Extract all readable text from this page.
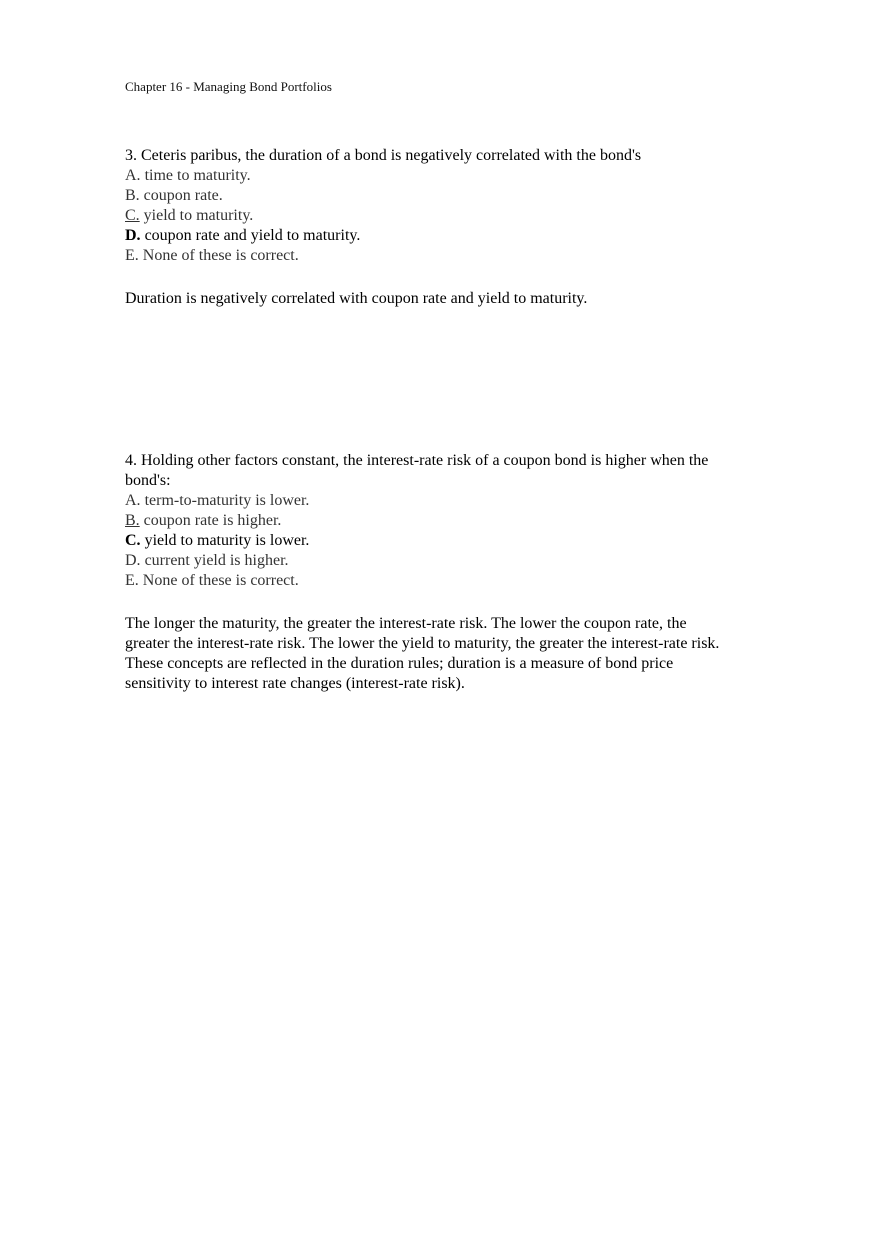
Chapter 16 - Managing Bond Portfolios

3. Ceteris paribus, the duration of a bond is negatively correlated with the bond's

A. time to maturity.

B. coupon rate.

C. yield to maturity.

D. coupon rate and yield to maturity.

E. None of these is correct.

Duration is negatively correlated with coupon rate and yield to maturity.

4. Holding other factors constant, the interest-rate risk of a coupon bond is higher when the
bond's:

A. term-to-maturity is lower.

B. coupon rate is higher.

C. yield to maturity is lower.

D. current yield is higher.

E. None of these is correct.

The longer the maturity, the greater the interest-rate risk. The lower the coupon rate, the
greater the interest-rate risk. The lower the yield to maturity, the greater the interest-rate risk.
These concepts are reflected in the duration rules; duration is a measure of bond price
sensitivity to interest rate changes (interest-rate risk).
